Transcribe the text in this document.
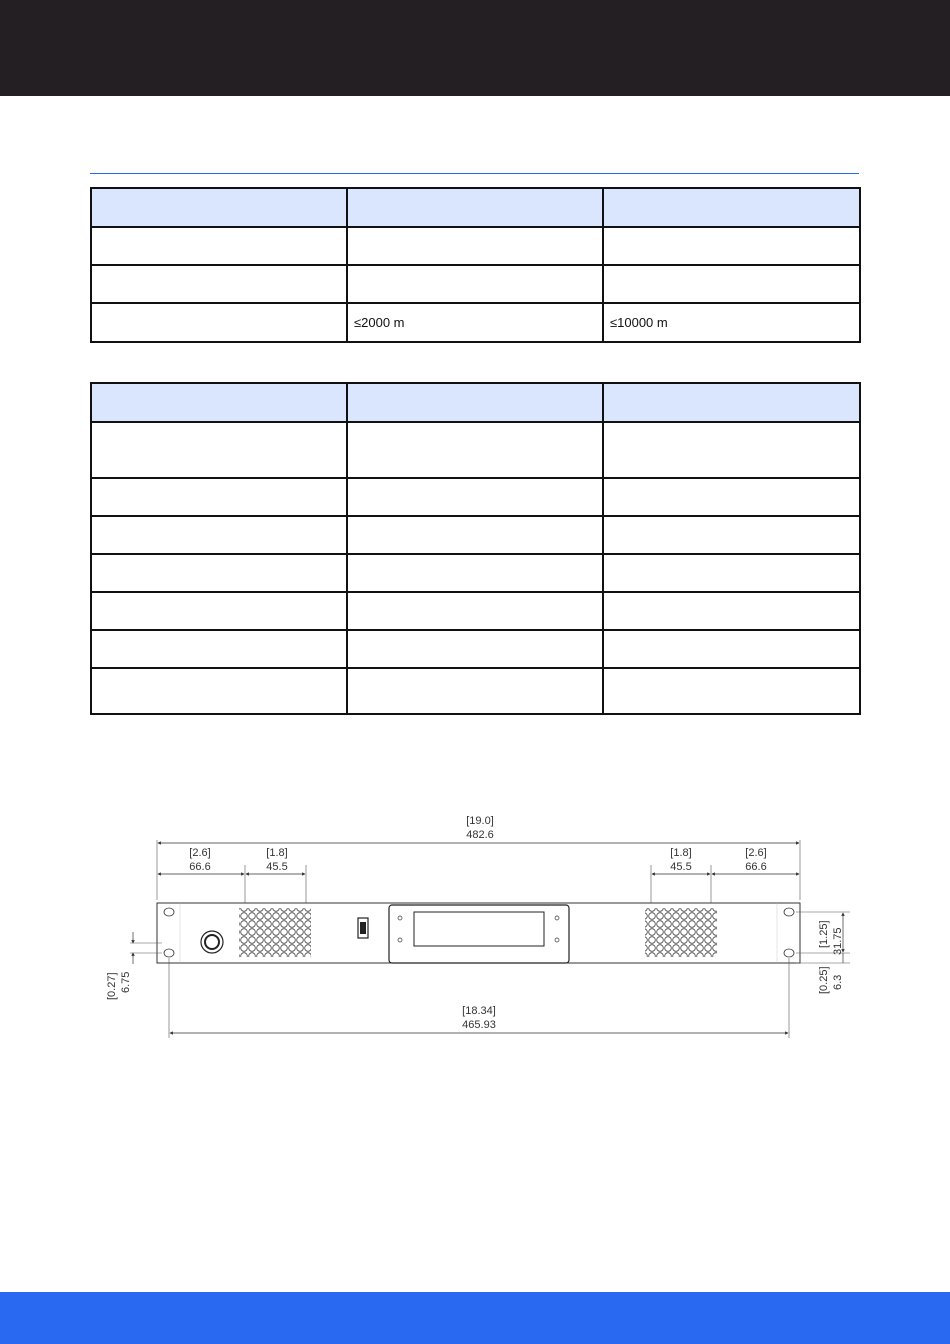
	≤2000 m	≤10000 m

[19.0]
482.6
[2.6]
66.6
[1.8]
45.5
[1.8]
45.5
[2.6]
66.6
[0.27] 6.75
[1.25] 31.75
[0.25] 6.3
[18.34]
465.93
